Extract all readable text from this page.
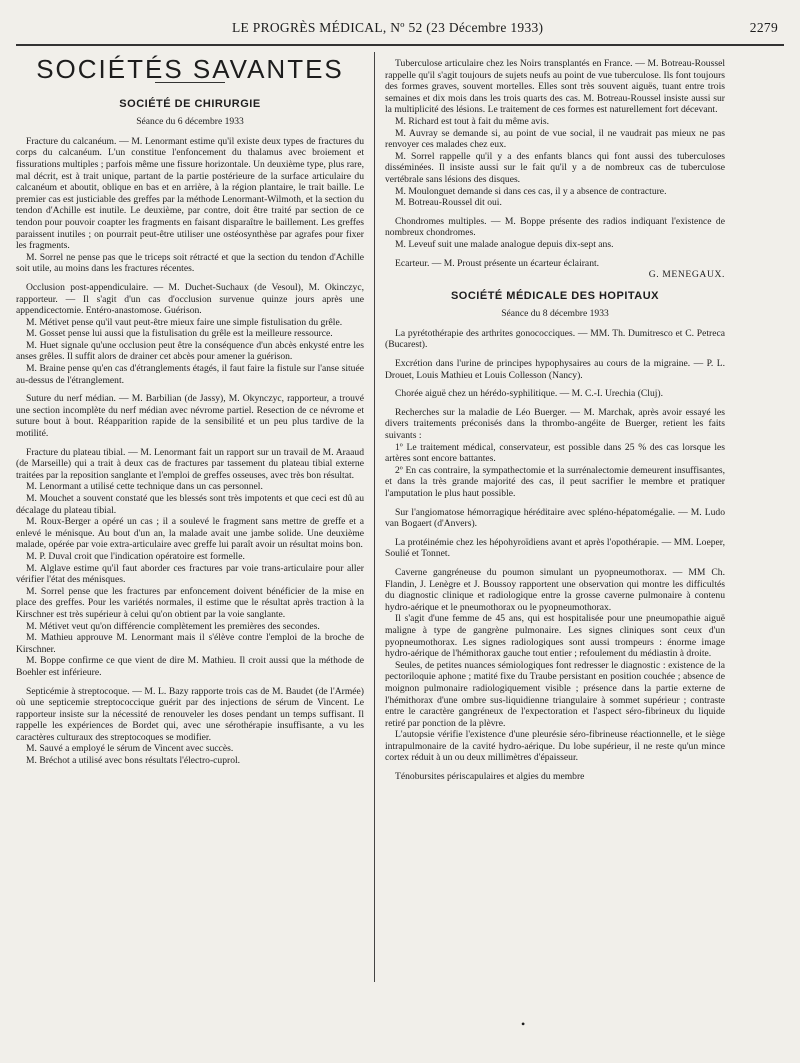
LE PROGRÈS MÉDICAL, Nº 52 (23 Décembre 1933)	2279
SOCIÉTÉS SAVANTES
SOCIÉTÉ DE CHIRURGIE
Séance du 6 décembre 1933

Fracture du calcanéum. — M. Lenormant estime qu'il existe deux types de fractures du corps du calcanéum. L'un constitue l'enfoncement du thalamus avec broiement et fissurations multiples ; parfois même une fissure horizontale. Un deuxième type, plus rare, mal décrit, est à trait unique, partant de la partie postérieure de la surface articulaire du calcanéum et aboutit, oblique en bas et en arrière, à la région plantaire, le trait baille. Le premier cas est justiciable des greffes par la méthode Lenormant-Wilmoth, et la section du tendon d'Achille est inutile. Le deuxième, par contre, doit être traité par section de ce tendon pour pouvoir coapter les fragments en faisant disparaître le baillement. Les greffes paraissent inutiles ; on pourrait peut-être utiliser une ostéosynthèse par agrafes pour fixer les fragments.

M. Sorrel ne pense pas que le triceps soit rétracté et que la section du tendon d'Achille soit utile, au moins dans les fractures récentes.

Occlusion post-appendiculaire. — M. Duchet-Suchaux (de Vesoul), M. Okinczyc, rapporteur. — Il s'agit d'un cas d'occlusion survenue quinze jours après une appendicectomie. Entéro-anastomose. Guérison.

M. Métivet pense qu'il vaut peut-être mieux faire une simple fistulisation du grêle.

M. Gosset pense lui aussi que la fistulisation du grêle est la meilleure ressource.

M. Huet signale qu'une occlusion peut être la conséquence d'un abcès enkysté entre les anses grêles. Il suffit alors de drainer cet abcès pour amener la guérison.

M. Braine pense qu'en cas d'étranglements étagés, il faut faire la fistule sur l'anse située au-dessus de l'étranglement.

Suture du nerf médian. — M. Barbilian (de Jassy), M. Okynczyc, rapporteur, a trouvé une section incomplète du nerf médian avec névrome partiel. Resection de ce névrome et suture bout à bout. Réapparition rapide de la sensibilité et un peu plus tardive de la motilité.

Fracture du plateau tibial. — M. Lenormant fait un rapport sur un travail de M. Araaud (de Marseille) qui a trait à deux cas de fractures par tassement du plateau tibial externe traitées par la reposition sanglante et l'emploi de greffes osseuses, avec très bon résultat.

M. Lenormant a utilisé cette technique dans un cas personnel.

M. Mouchet a souvent constaté que les blessés sont très impotents et que ceci est dû au décalage du plateau tibial.

M. Roux-Berger a opéré un cas ; il a soulevé le fragment sans mettre de greffe et a enlevé le ménisque. Au bout d'un an, la malade avait une jambe solide. Une deuxième malade, opérée par voie extra-articulaire avec greffe lui paraît avoir un résultat moins bon.

M. P. Duval croit que l'indication opératoire est formelle.

M. Alglave estime qu'il faut aborder ces fractures par voie trans-articulaire pour aller vérifier l'état des ménisques.

M. Sorrel pense que les fractures par enfoncement doivent bénéficier de la mise en place des greffes. Pour les variétés normales, il estime que le résultat après traction à la Kirschner est très supérieur à celui qu'on obtient par la voie sanglante.

M. Métivet veut qu'on différencie complètement les premières des secondes.

M. Mathieu approuve M. Lenormant mais il s'élève contre l'emploi de la broche de Kirschner.

M. Boppe confirme ce que vient de dire M. Mathieu. Il croit aussi que la méthode de Boehler est inférieure.

Septicémie à streptocoque. — M. L. Bazy rapporte trois cas de M. Baudet (de l'Armée) où une septicemie streptococcique guérit par des injections de sérum de Vincent. Le rapporteur insiste sur la nécessité de renouveler les doses pendant un temps suffisant. Il rappelle les expériences de Bordet qui, avec une sérothérapie insuffisante, a vu les caractères culturaux des streptocoques se modifier.

M. Sauvé a employé le sérum de Vincent avec succès.

M. Bréchot a utilisé avec bons résultats l'électro-cuprol.

Tuberculose articulaire chez les Noirs transplantés en France. — M. Botreau-Roussel rappelle qu'il s'agit toujours de sujets neufs au point de vue tuberculose. Ils font toujours des formes graves, souvent mortelles. Elles sont très souvent aiguës, tuant entre trois semaines et dix mois dans les trois quarts des cas. M. Botreau-Roussel insiste aussi sur la multiplicité des lésions. Le traitement de ces formes est naturellement fort décevant.

M. Richard est tout à fait du même avis.

M. Auvray se demande si, au point de vue social, il ne vaudrait pas mieux ne pas renvoyer ces malades chez eux.

M. Sorrel rappelle qu'il y a des enfants blancs qui font aussi des tuberculoses disséminées. Il insiste aussi sur le fait qu'il y a de nombreux cas de tuberculose vertébrale sans lésions des disques.

M. Moulonguet demande si dans ces cas, il y a absence de contracture.

M. Botreau-Roussel dit oui.

Chondromes multiples. — M. Boppe présente des radios indiquant l'existence de nombreux chondromes.

M. Leveuf suit une malade analogue depuis dix-sept ans.

Ecarteur. — M. Proust présente un écarteur éclairant.

G. MENEGAUX.
SOCIÉTÉ MÉDICALE DES HOPITAUX
Séance du 8 décembre 1933

La pyrétothérapie des arthrites gonococciques. — MM. Th. Dumitresco et C. Petreca (Bucarest).

Excrétion dans l'urine de principes hypophysaires au cours de la migraine. — P. L. Drouet, Louis Mathieu et Louis Collesson (Nancy).

Chorée aiguë chez un hérédo-syphilitique. — M. C.-I. Urechia (Cluj).

Recherches sur la maladie de Léo Buerger. — M. Marchak, après avoir essayé les divers traitements préconisés dans la thrombo-angéite de Buerger, retient les faits suivants :

1º Le traitement médical, conservateur, est possible dans 25 % des cas lorsque les artères sont encore battantes.

2º En cas contraire, la sympathectomie et la surrénalectomie demeurent insuffisantes, et dans la très grande majorité des cas, il peut sacrifier le membre et pratiquer l'amputation le plus haut possible.

Sur l'angiomatose hémorragique héréditaire avec spléno-hépatomégalie. — M. Ludo van Bogaert (d'Anvers).

La protéinémie chez les hépohyroïdiens avant et après l'opothérapie. — MM. Loeper, Soulié et Tonnet.

Caverne gangréneuse du poumon simulant un pyopneumothorax. — MM Ch. Flandin, J. Lenègre et J. Boussoy rapportent une observation qui montre les difficultés du diagnostic clinique et radiologique entre la grosse caverne pulmonaire à contenu hydro-aérique et le pneumothorax ou le pyopneumothorax.

Il s'agit d'une femme de 45 ans, qui est hospitalisée pour une pneumopathie aiguë maligne à type de gangrène pulmonaire. Les signes cliniques sont ceux d'un pyopneumothorax. Les signes radiologiques sont aussi trompeurs : énorme image hydro-aérique de l'hémithorax gauche tout entier ; refoulement du médiastin à droite.

Seules, de petites nuances sémiologiques font redresser le diagnostic : existence de la pectoriloquie aphone ; matité fixe du Traube persistant en position couchée ; absence de moignon pulmonaire radiologiquement visible ; présence dans la partie externe de l'hémithorax d'une ombre sus-liquidienne triangulaire à sommet supérieur ; contraste entre le caractère gangréneux de l'expectoration et l'aspect séro-fibrineux du liquide retiré par ponction de la plèvre.

L'autopsie vérifie l'existence d'une pleurésie séro-fibrineuse réactionnelle, et le siège intrapulmonaire de la cavité hydro-aérique. Du lobe supérieur, il ne reste qu'un mince cortex réduit à un ou deux millimètres d'épaisseur.

Ténobursites périscapulaires et algies du membre

•
